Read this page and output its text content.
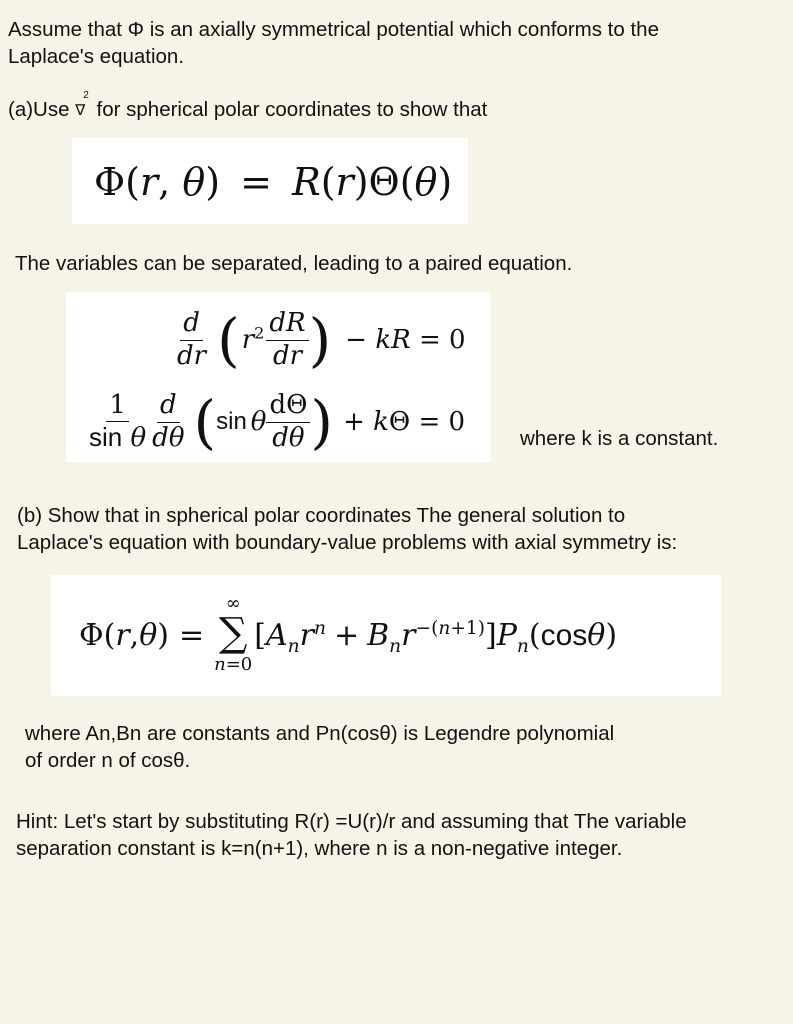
Assume that Φ is an axially symmetrical potential which conforms to the
Laplace's equation.
(a)Use ∇$^2$ for spherical polar coordinates to show that
Φ(r, θ) = R(r)Θ(θ)
The variables can be separated, leading to a paired equation.
$\frac{d}{dr}$ ( $r^2 \frac{dR}{dr}$ ) − kR = 0
$\frac{1}{\text{sin θ}} \frac{d}{d\theta}$ ( sin θ $\frac{d\Theta}{d\theta}$ ) + kΘ = 0
where k is a constant.
(b) Show that in spherical polar coordinates The general solution to
Laplace's equation with boundary-value problems with axial symmetry is:
Φ( r , θ ) =
∞
∑
n=0
[ $A_nr^n + B_nr^{-(n+1)}$ ] $P_n$ ( cos θ )
where An,Bn are constants and Pn(cosθ) is Legendre polynomial
of order n of cosθ.
Hint: Let's start by substituting R(r) =U(r)/r and assuming that The variable
separation constant is k=n(n+1), where n is a non-negative integer.
